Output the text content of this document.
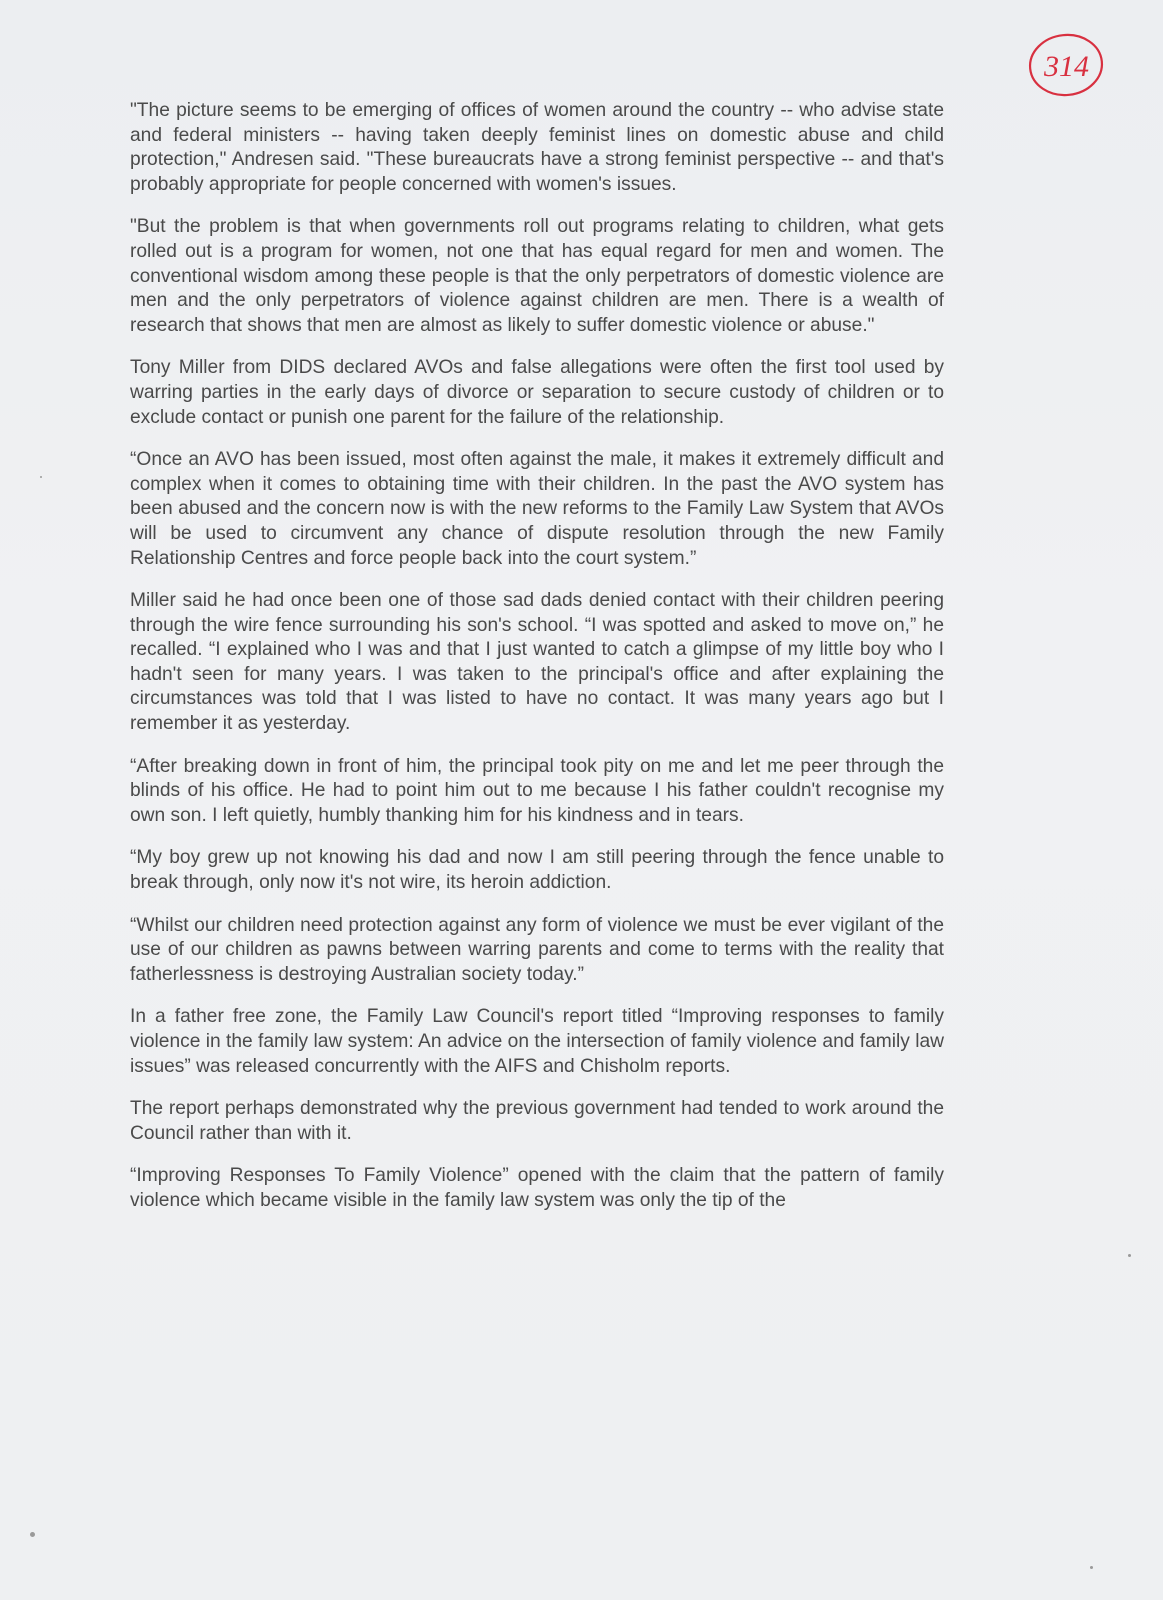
314

"The picture seems to be emerging of offices of women around the country -- who advise state and federal ministers -- having taken deeply feminist lines on domestic abuse and child protection," Andresen said. "These bureaucrats have a strong feminist perspective -- and that's probably appropriate for people concerned with women's issues.

"But the problem is that when governments roll out programs relating to children, what gets rolled out is a program for women, not one that has equal regard for men and women. The conventional wisdom among these people is that the only perpetrators of domestic violence are men and the only perpetrators of violence against children are men. There is a wealth of research that shows that men are almost as likely to suffer domestic violence or abuse."

Tony Miller from DIDS declared AVOs and false allegations were often the first tool used by warring parties in the early days of divorce or separation to secure custody of children or to exclude contact or punish one parent for the failure of the relationship.

“Once an AVO has been issued, most often against the male, it makes it extremely difficult and complex when it comes to obtaining time with their children. In the past the AVO system has been abused and the concern now is with the new reforms to the Family Law System that AVOs will be used to circumvent any chance of dispute resolution through the new Family Relationship Centres and force people back into the court system.”

Miller said he had once been one of those sad dads denied contact with their children peering through the wire fence surrounding his son's school. “I was spotted and asked to move on,” he recalled. “I explained who I was and that I just wanted to catch a glimpse of my little boy who I hadn't seen for many years. I was taken to the principal's office and after explaining the circumstances was told that I was listed to have no contact. It was many years ago but I remember it as yesterday.

“After breaking down in front of him, the principal took pity on me and let me peer through the blinds of his office. He had to point him out to me because I his father couldn't recognise my own son. I left quietly, humbly thanking him for his kindness and in tears.

“My boy grew up not knowing his dad and now I am still peering through the fence unable to break through, only now it's not wire, its heroin addiction.

“Whilst our children need protection against any form of violence we must be ever vigilant of the use of our children as pawns between warring parents and come to terms with the reality that fatherlessness is destroying Australian society today.”

In a father free zone, the Family Law Council's report titled “Improving responses to family violence in the family law system: An advice on the intersection of family violence and family law issues” was released concurrently with the AIFS and Chisholm reports.

The report perhaps demonstrated why the previous government had tended to work around the Council rather than with it.

“Improving Responses To Family Violence” opened with the claim that the pattern of family violence which became visible in the family law system was only the tip of the
